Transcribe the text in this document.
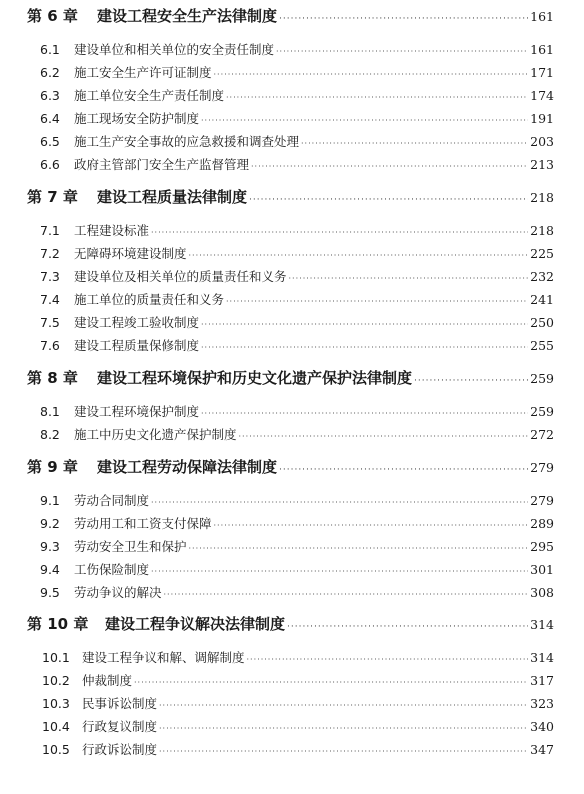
第 6 章	建设工程安全生产法律制度 ·····	161
6.1	建设单位和相关单位的安全责任制度 ·····	161
6.2	施工安全生产许可证制度 ·····	171
6.3	施工单位安全生产责任制度 ·····	174
6.4	施工现场安全防护制度 ·····	191
6.5	施工生产安全事故的应急救援和调查处理 ·····	203
6.6	政府主管部门安全生产监督管理 ·····	213
第 7 章	建设工程质量法律制度 ·····	218
7.1	工程建设标准 ·····	218
7.2	无障碍环境建设制度 ·····	225
7.3	建设单位及相关单位的质量责任和义务 ·····	232
7.4	施工单位的质量责任和义务 ·····	241
7.5	建设工程竣工验收制度 ·····	250
7.6	建设工程质量保修制度 ·····	255
第 8 章	建设工程环境保护和历史文化遗产保护法律制度 ·····	259
8.1	建设工程环境保护制度 ·····	259
8.2	施工中历史文化遗产保护制度 ·····	272
第 9 章	建设工程劳动保障法律制度 ·····	279
9.1	劳动合同制度 ·····	279
9.2	劳动用工和工资支付保障 ·····	289
9.3	劳动安全卫生和保护 ·····	295
9.4	工伤保险制度 ·····	301
9.5	劳动争议的解决 ·····	308
第 10 章	建设工程争议解决法律制度 ·····	314
10.1 建设工程争议和解、调解制度 ·····	314
10.2 仲裁制度 ·····	317
10.3 民事诉讼制度 ·····	323
10.4 行政复议制度 ·····	340
10.5 行政诉讼制度 ·····	347
